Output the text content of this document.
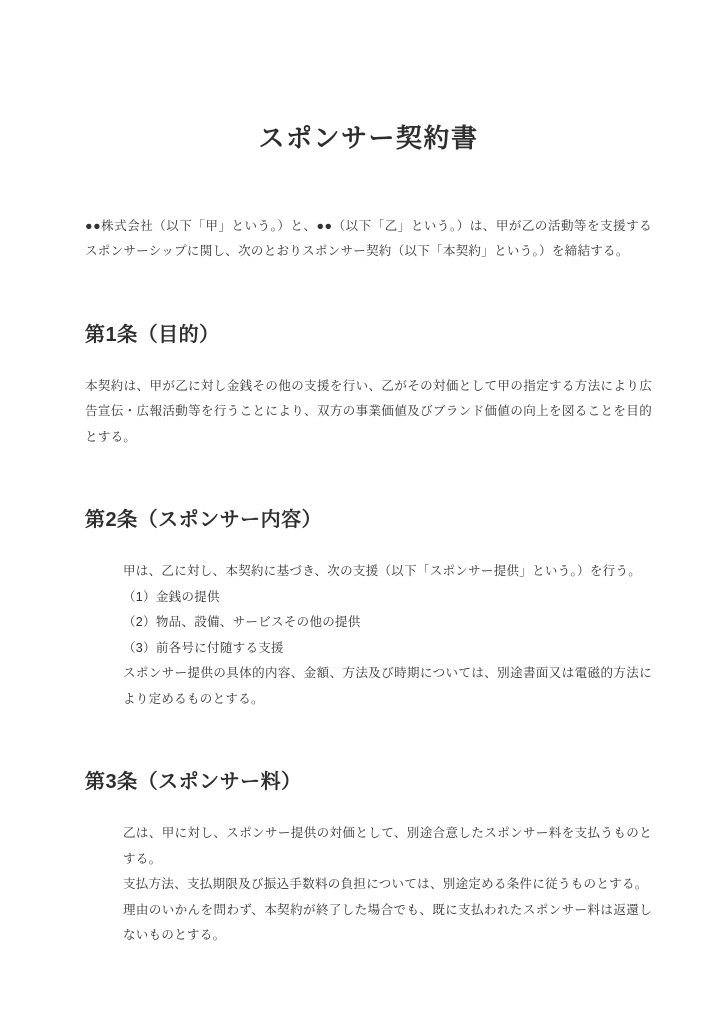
スポンサー契約書

●●株式会社（以下「甲」という。）と、●●（以下「乙」という。）は、甲が乙の活動等を支援するスポンサーシップに関し、次のとおりスポンサー契約（以下「本契約」という。）を締結する。

第1条（目的）

本契約は、甲が乙に対し金銭その他の支援を行い、乙がその対価として甲の指定する方法により広告宣伝・広報活動等を行うことにより、双方の事業価値及びブランド価値の向上を図ることを目的とする。

第2条（スポンサー内容）

甲は、乙に対し、本契約に基づき、次の支援（以下「スポンサー提供」という。）を行う。

（1）金銭の提供

（2）物品、設備、サービスその他の提供

（3）前各号に付随する支援

スポンサー提供の具体的内容、金額、方法及び時期については、別途書面又は電磁的方法により定めるものとする。

第3条（スポンサー料）

乙は、甲に対し、スポンサー提供の対価として、別途合意したスポンサー料を支払うものとする。

支払方法、支払期限及び振込手数料の負担については、別途定める条件に従うものとする。

理由のいかんを問わず、本契約が終了した場合でも、既に支払われたスポンサー料は返還しないものとする。
